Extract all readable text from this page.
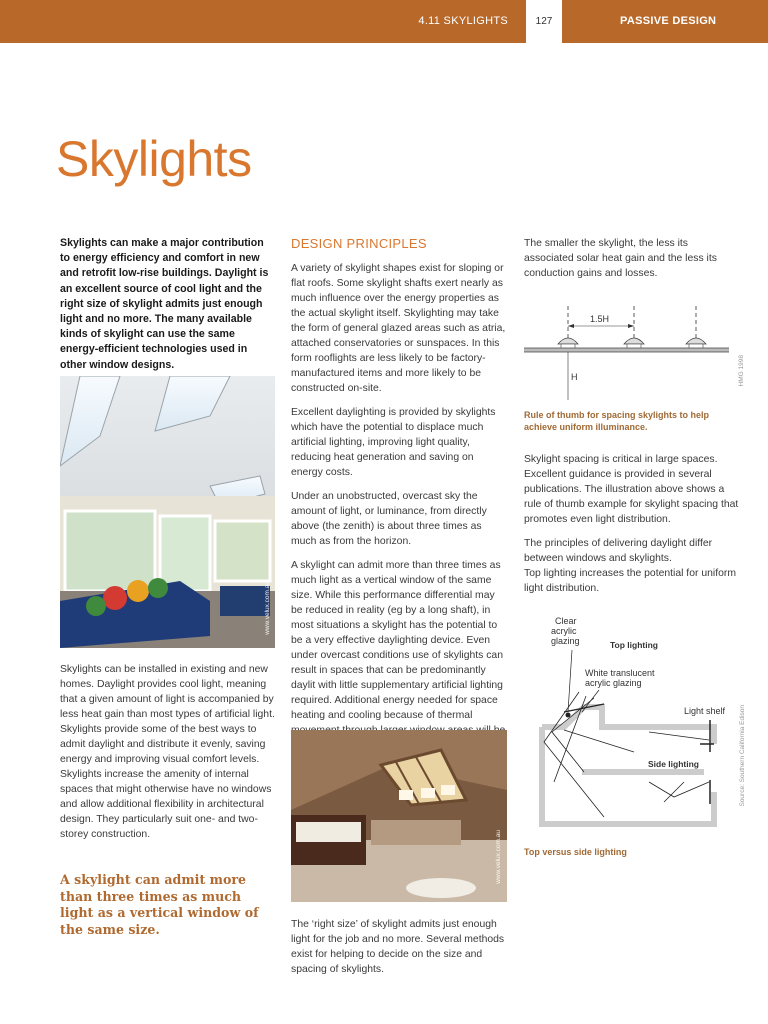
4.11 SKYLIGHTS	127	PASSIVE DESIGN
Skylights
Skylights can make a major contribution to energy efficiency and comfort in new and retrofit low-rise buildings. Daylight is an excellent source of cool light and the right size of skylight admits just enough light and no more. The many available kinds of skylight can use the same energy-efficient technologies used in other window designs.
www.velux.com.au

Skylights can be installed in existing and new homes. Daylight provides cool light, meaning that a given amount of light is accompanied by less heat gain than most types of artificial light. Skylights provide some of the best ways to admit daylight and distribute it evenly, saving energy and improving visual comfort levels. Skylights increase the amenity of internal spaces that might otherwise have no windows and allow additional flexibility in architectural design. They particularly suit one- and two-storey construction.

A skylight can admit more than three times as much light as a vertical window of the same size.
DESIGN PRINCIPLES

A variety of skylight shapes exist for sloping or flat roofs. Some skylight shafts exert nearly as much influence over the energy properties as the actual skylight itself. Skylighting may take the form of general glazed areas such as atria, attached conservatories or sunspaces. In this form rooflights are less likely to be factory-manufactured items and more likely to be constructed on-site.

Excellent daylighting is provided by skylights which have the potential to displace much artificial lighting, improving light quality, reducing heat generation and saving on energy costs.

Under an unobstructed, overcast sky the amount of light, or luminance, from directly above (the zenith) is about three times as much as from the horizon.

A skylight can admit more than three times as much light as a vertical window of the same size. While this performance differential may be reduced in reality (eg by a long shaft), in most situations a skylight has the potential to be a very effective daylighting device. Even under overcast conditions use of skylights can result in spaces that can be predominantly daylit with little supplementary artificial lighting required. Additional energy needed for space heating and cooling because of thermal

www.velux.com.au

The ‘right size’ of skylight admits just enough light for the job and no more. Several methods exist for helping to decide on the size and spacing of skylights.

The smaller the skylight, the less its associated solar heat gain and the less its conduction gains and losses.

1.5H
H	HMG 1998
Rule of thumb for spacing skylights to help achieve uniform illuminance.

Skylight spacing is critical in large spaces. Excellent guidance is provided in several publications. The illustration above shows a rule of thumb example for skylight spacing that promotes even light distribution.

The principles of delivering daylight differ between windows and skylights.

Top lighting increases the potential for uniform light distribution.

Clear
acrylic
glazing	Top lighting
White translucent
acrylic glazing
Light shelf
Side lighting	Source: Southern California Edison
Top versus side lighting
